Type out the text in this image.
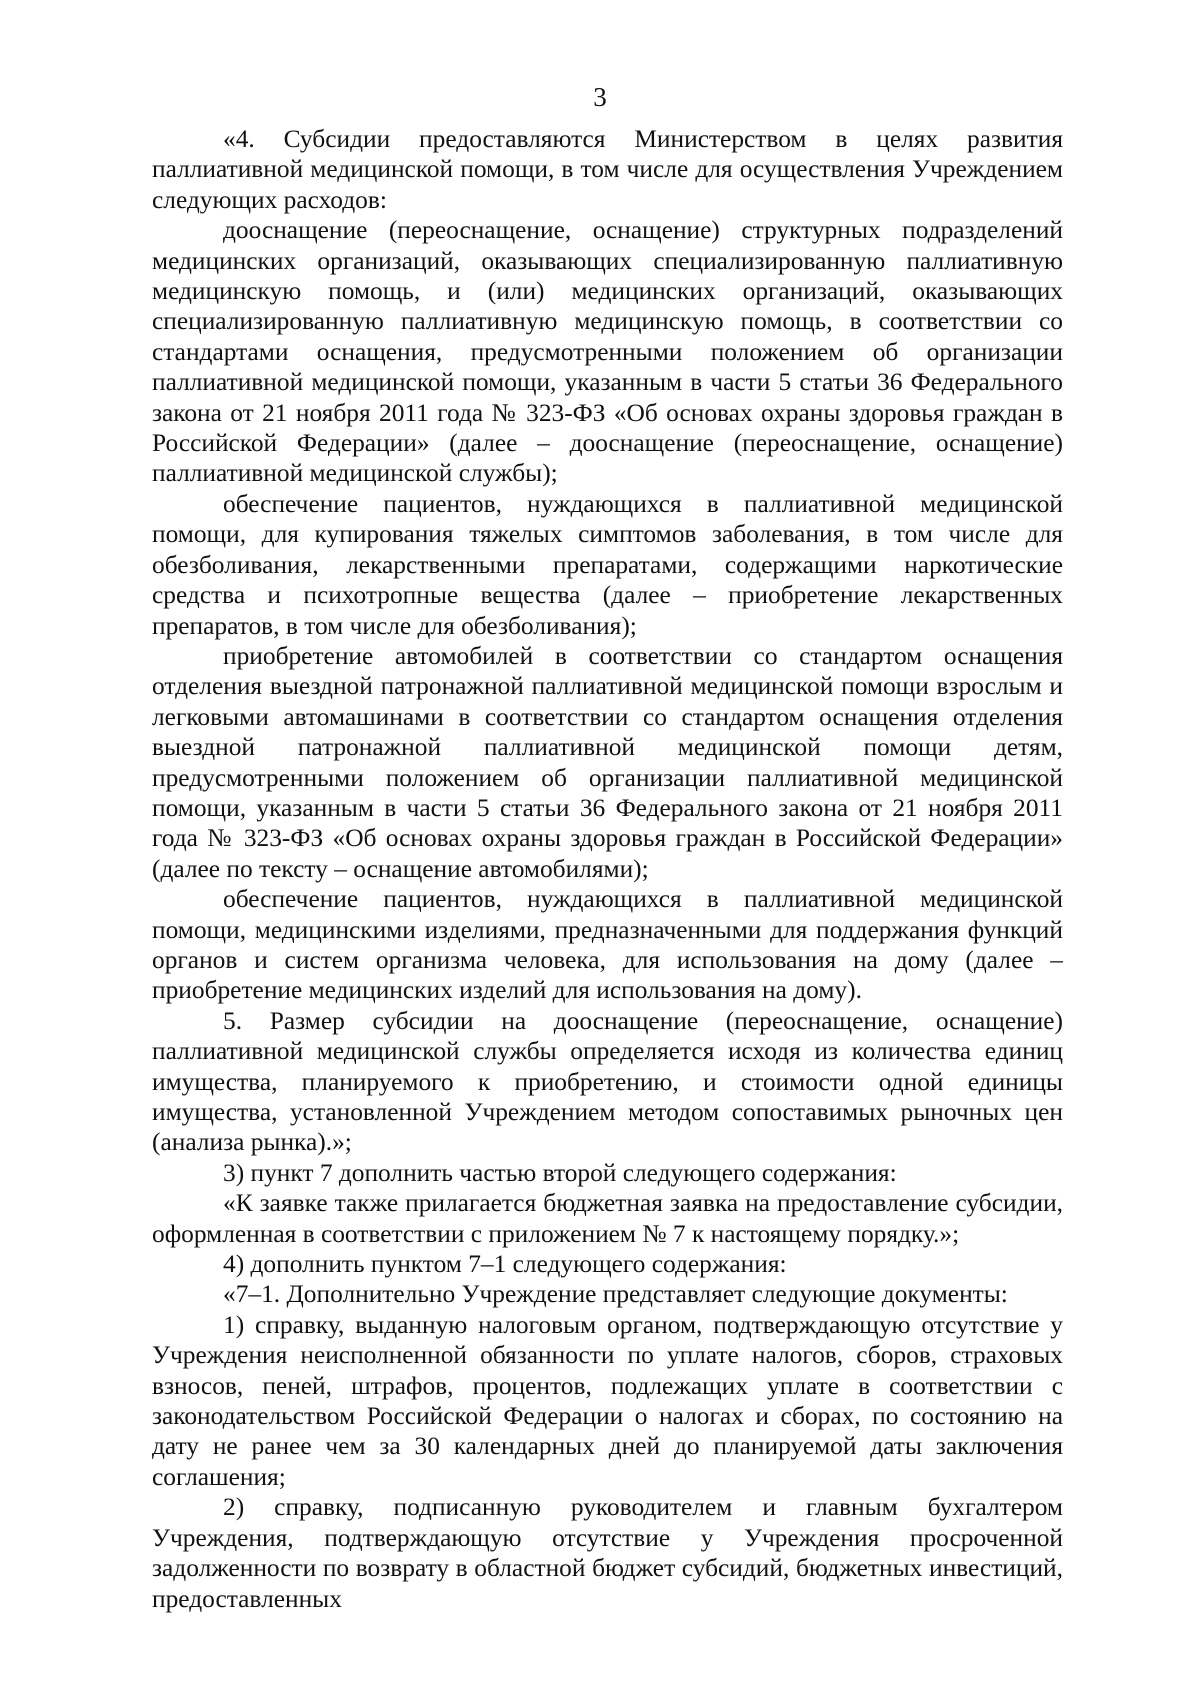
3

«4. Субсидии предоставляются Министерством в целях развития паллиативной медицинской помощи, в том числе для осуществления Учреждением следующих расходов:

дооснащение (переоснащение, оснащение) структурных подразделений медицинских организаций, оказывающих специализированную паллиативную медицинскую помощь, и (или) медицинских организаций, оказывающих специализированную паллиативную медицинскую помощь, в соответствии со стандартами оснащения, предусмотренными положением об организации паллиативной медицинской помощи, указанным в части 5 статьи 36 Федерального закона от 21 ноября 2011 года № 323-ФЗ «Об основах охраны здоровья граждан в Российской Федерации» (далее – дооснащение (переоснащение, оснащение) паллиативной медицинской службы);

обеспечение пациентов, нуждающихся в паллиативной медицинской помощи, для купирования тяжелых симптомов заболевания, в том числе для обезболивания, лекарственными препаратами, содержащими наркотические средства и психотропные вещества (далее – приобретение лекарственных препаратов, в том числе для обезболивания);

приобретение автомобилей в соответствии со стандартом оснащения отделения выездной патронажной паллиативной медицинской помощи взрослым и легковыми автомашинами в соответствии со стандартом оснащения отделения выездной патронажной паллиативной медицинской помощи детям, предусмотренными положением об организации паллиативной медицинской помощи, указанным в части 5 статьи 36 Федерального закона от 21 ноября 2011 года № 323-ФЗ «Об основах охраны здоровья граждан в Российской Федерации» (далее по тексту – оснащение автомобилями);

обеспечение пациентов, нуждающихся в паллиативной медицинской помощи, медицинскими изделиями, предназначенными для поддержания функций органов и систем организма человека, для использования на дому (далее – приобретение медицинских изделий для использования на дому).

5. Размер субсидии на дооснащение (переоснащение, оснащение) паллиативной медицинской службы определяется исходя из количества единиц имущества, планируемого к приобретению, и стоимости одной единицы имущества, установленной Учреждением методом сопоставимых рыночных цен (анализа рынка).»;

3) пункт 7 дополнить частью второй следующего содержания:

«К заявке также прилагается бюджетная заявка на предоставление субсидии, оформленная в соответствии с приложением № 7 к настоящему порядку.»;

4) дополнить пунктом 7–1 следующего содержания:

«7–1. Дополнительно Учреждение представляет следующие документы:

1) справку, выданную налоговым органом, подтверждающую отсутствие у Учреждения неисполненной обязанности по уплате налогов, сборов, страховых взносов, пеней, штрафов, процентов, подлежащих уплате в соответствии с законодательством Российской Федерации о налогах и сборах, по состоянию на дату не ранее чем за 30 календарных дней до планируемой даты заключения соглашения;

2) справку, подписанную руководителем и главным бухгалтером Учреждения, подтверждающую отсутствие у Учреждения просроченной задолженности по возврату в областной бюджет субсидий, бюджетных инвестиций, предоставленных
